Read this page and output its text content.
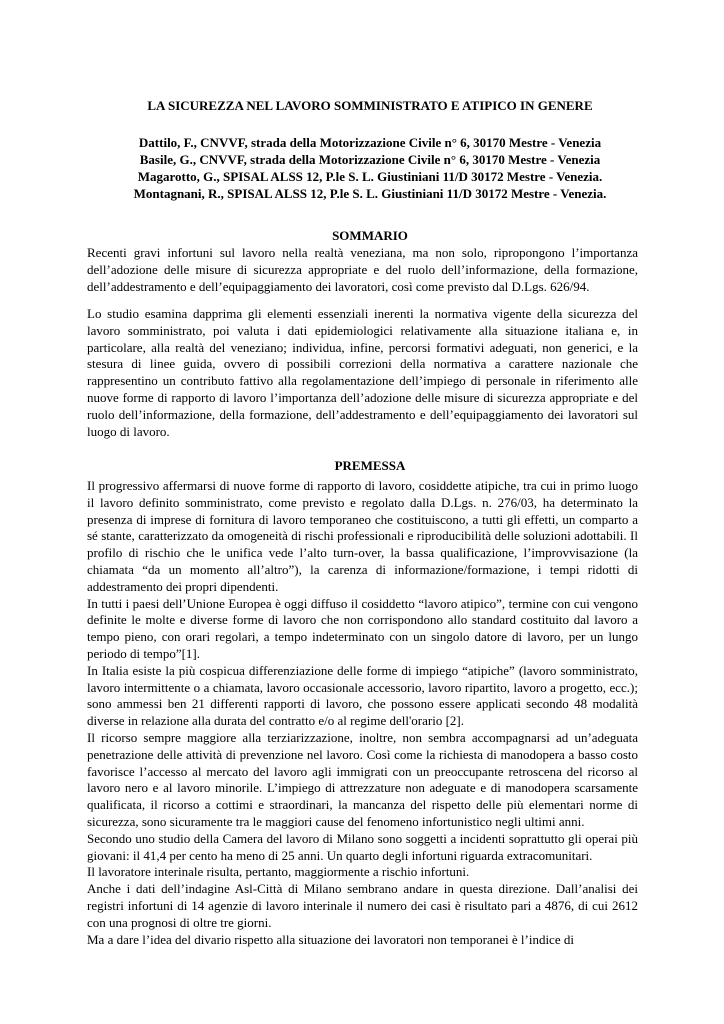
LA SICUREZZA NEL LAVORO SOMMINISTRATO E ATIPICO IN GENERE
Dattilo, F., CNVVF, strada della Motorizzazione Civile n° 6, 30170 Mestre - Venezia
Basile, G., CNVVF, strada della Motorizzazione Civile n° 6, 30170 Mestre - Venezia
Magarotto, G., SPISAL ALSS 12, P.le S. L. Giustiniani 11/D 30172 Mestre - Venezia.
Montagnani, R., SPISAL ALSS 12, P.le S. L. Giustiniani 11/D 30172 Mestre - Venezia.
SOMMARIO

Recenti gravi infortuni sul lavoro nella realtà veneziana, ma non solo, ripropongono l’importanza dell’adozione delle misure di sicurezza appropriate e del ruolo dell’informazione, della formazione, dell’addestramento e dell’equipaggiamento dei lavoratori, così come previsto dal D.Lgs. 626/94.

Lo studio esamina dapprima gli elementi essenziali inerenti la normativa vigente della sicurezza del lavoro somministrato, poi valuta i dati epidemiologici relativamente alla situazione italiana e, in particolare, alla realtà del veneziano; individua, infine, percorsi formativi adeguati, non generici, e la stesura di linee guida, ovvero di possibili correzioni della normativa a carattere nazionale che rappresentino un contributo fattivo alla regolamentazione dell’impiego di personale in riferimento alle nuove forme di rapporto di lavoro l’importanza dell’adozione delle misure di sicurezza appropriate e del ruolo dell’informazione, della formazione, dell’addestramento e dell’equipaggiamento dei lavoratori sul luogo di lavoro.

PREMESSA

Il progressivo affermarsi di nuove forme di rapporto di lavoro, cosiddette atipiche, tra cui in primo luogo il lavoro definito somministrato, come previsto e regolato dalla D.Lgs. n. 276/03, ha determinato la presenza di imprese di fornitura di lavoro temporaneo che costituiscono, a tutti gli effetti, un comparto a sé stante, caratterizzato da omogeneità di rischi professionali e riproducibilità delle soluzioni adottabili. Il profilo di rischio che le unifica vede l’alto turn-over, la bassa qualificazione, l’improvvisazione (la chiamata “da un momento all’altro”), la carenza di informazione/formazione, i tempi ridotti di addestramento dei propri dipendenti.

In tutti i paesi dell’Unione Europea è oggi diffuso il cosiddetto “lavoro atipico”, termine con cui vengono definite le molte e diverse forme di lavoro che non corrispondono allo standard costituito dal lavoro a tempo pieno, con orari regolari, a tempo indeterminato con un singolo datore di lavoro, per un lungo periodo di tempo”[1].

In Italia esiste la più cospicua differenziazione delle forme di impiego “atipiche” (lavoro somministrato, lavoro intermittente o a chiamata, lavoro occasionale accessorio, lavoro ripartito, lavoro a progetto, ecc.); sono ammessi ben 21 differenti rapporti di lavoro, che possono essere applicati secondo 48 modalità diverse in relazione alla durata del contratto e/o al regime dell'orario [2].

Il ricorso sempre maggiore alla terziarizzazione, inoltre, non sembra accompagnarsi ad un’adeguata penetrazione delle attività di prevenzione nel lavoro. Così come la richiesta di manodopera a basso costo favorisce l’accesso al mercato del lavoro agli immigrati con un preoccupante retroscena del ricorso al lavoro nero e al lavoro minorile. L’impiego di attrezzature non adeguate e di manodopera scarsamente qualificata, il ricorso a cottimi e straordinari, la mancanza del rispetto delle più elementari norme di sicurezza, sono sicuramente tra le maggiori cause del fenomeno infortunistico negli ultimi anni.

Secondo uno studio della Camera del lavoro di Milano sono soggetti a incidenti soprattutto gli operai più giovani: il 41,4 per cento ha meno di 25 anni. Un quarto degli infortuni riguarda extracomunitari.

Il lavoratore interinale risulta, pertanto, maggiormente a rischio infortuni.

Anche i dati dell’indagine Asl-Città di Milano sembrano andare in questa direzione. Dall’analisi dei registri infortuni di 14 agenzie di lavoro interinale il numero dei casi è risultato pari a 4876, di cui 2612 con una prognosi di oltre tre giorni.

Ma a dare l’idea del divario rispetto alla situazione dei lavoratori non temporanei è l’indice di
